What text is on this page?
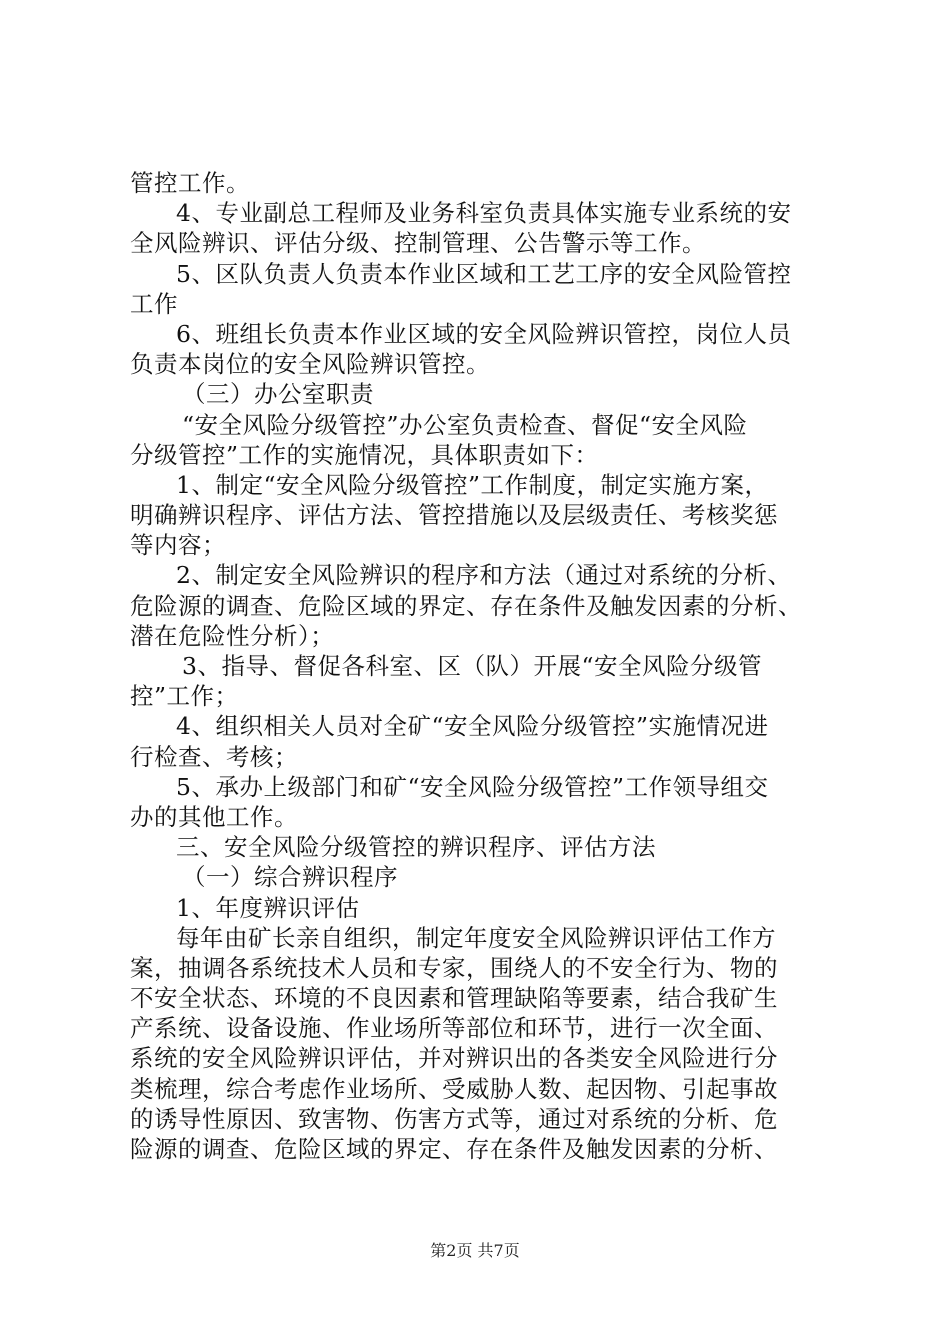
管控工作。
4、专业副总工程师及业务科室负责具体实施专业系统的安
全风险辨识、评估分级、控制管理、公告警示等工作。
5、区队负责人负责本作业区域和工艺工序的安全风险管控
工作
6、班组长负责本作业区域的安全风险辨识管控，岗位人员
负责本岗位的安全风险辨识管控。
（三）办公室职责
“安全风险分级管控”办公室负责检查、督促“安全风险
分级管控”工作的实施情况，具体职责如下：
1、制定“安全风险分级管控”工作制度，制定实施方案，
明确辨识程序、评估方法、管控措施以及层级责任、考核奖惩
等内容；
2、制定安全风险辨识的程序和方法（通过对系统的分析、
危险源的调查、危险区域的界定、存在条件及触发因素的分析、
潜在危险性分析）；
3、指导、督促各科室、区（队）开展“安全风险分级管
控”工作；
4、组织相关人员对全矿“安全风险分级管控”实施情况进
行检查、考核；
5、承办上级部门和矿“安全风险分级管控”工作领导组交
办的其他工作。
三、安全风险分级管控的辨识程序、评估方法
（一）综合辨识程序
1、年度辨识评估
每年由矿长亲自组织，制定年度安全风险辨识评估工作方
案，抽调各系统技术人员和专家，围绕人的不安全行为、物的
不安全状态、环境的不良因素和管理缺陷等要素，结合我矿生
产系统、设备设施、作业场所等部位和环节，进行一次全面、
系统的安全风险辨识评估，并对辨识出的各类安全风险进行分
类梳理，综合考虑作业场所、受威胁人数、起因物、引起事故
的诱导性原因、致害物、伤害方式等，通过对系统的分析、危
险源的调查、危险区域的界定、存在条件及触发因素的分析、
第2页 共7页
